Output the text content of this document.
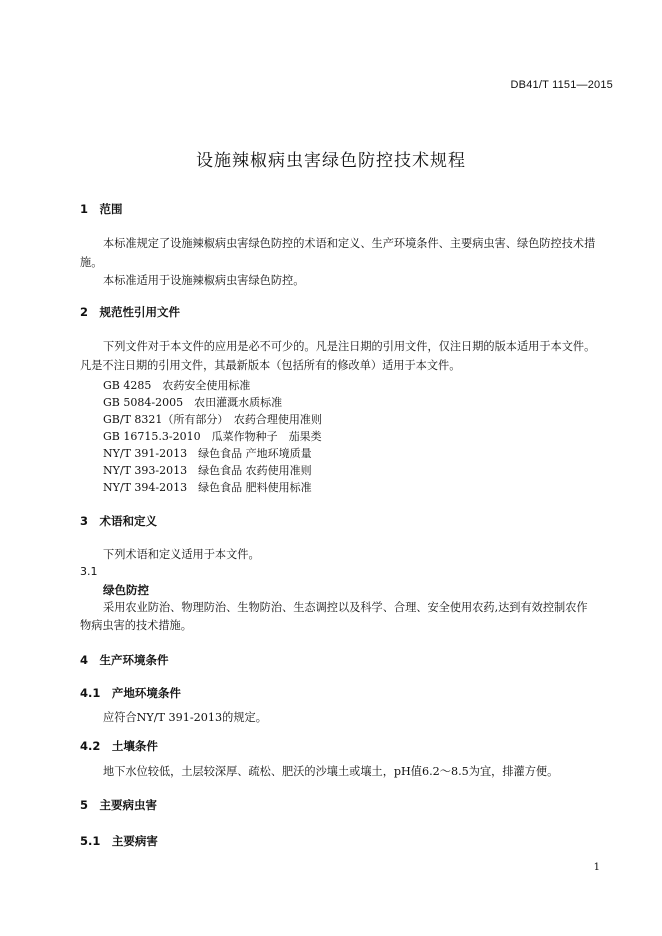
DB41/T 1151—2015
设施辣椒病虫害绿色防控技术规程
1　范围
本标准规定了设施辣椒病虫害绿色防控的术语和定义、生产环境条件、主要病虫害、绿色防控技术措
施。
本标准适用于设施辣椒病虫害绿色防控。
2　规范性引用文件
下列文件对于本文件的应用是必不可少的。凡是注日期的引用文件，仅注日期的版本适用于本文件。
凡是不注日期的引用文件，其最新版本（包括所有的修改单）适用于本文件。
GB 4285　农药安全使用标准
GB 5084-2005　农田灌溉水质标准
GB/T 8321（所有部分）　农药合理使用准则
GB 16715.3-2010　瓜菜作物种子　茄果类
NY/T 391-2013　绿色食品 产地环境质量
NY/T 393-2013　绿色食品 农药使用准则
NY/T 394-2013　绿色食品 肥料使用标准
3　术语和定义
下列术语和定义适用于本文件。
3.1
绿色防控
采用农业防治、物理防治、生物防治、生态调控以及科学、合理、安全使用农药,达到有效控制农作
物病虫害的技术措施。
4　生产环境条件
4.1　产地环境条件
应符合NY/T 391-2013的规定。
4.2　土壤条件
地下水位较低，土层较深厚、疏松、肥沃的沙壤土或壤土，pH值6.2～8.5为宜，排灌方便。
5　主要病虫害
5.1　主要病害
1
